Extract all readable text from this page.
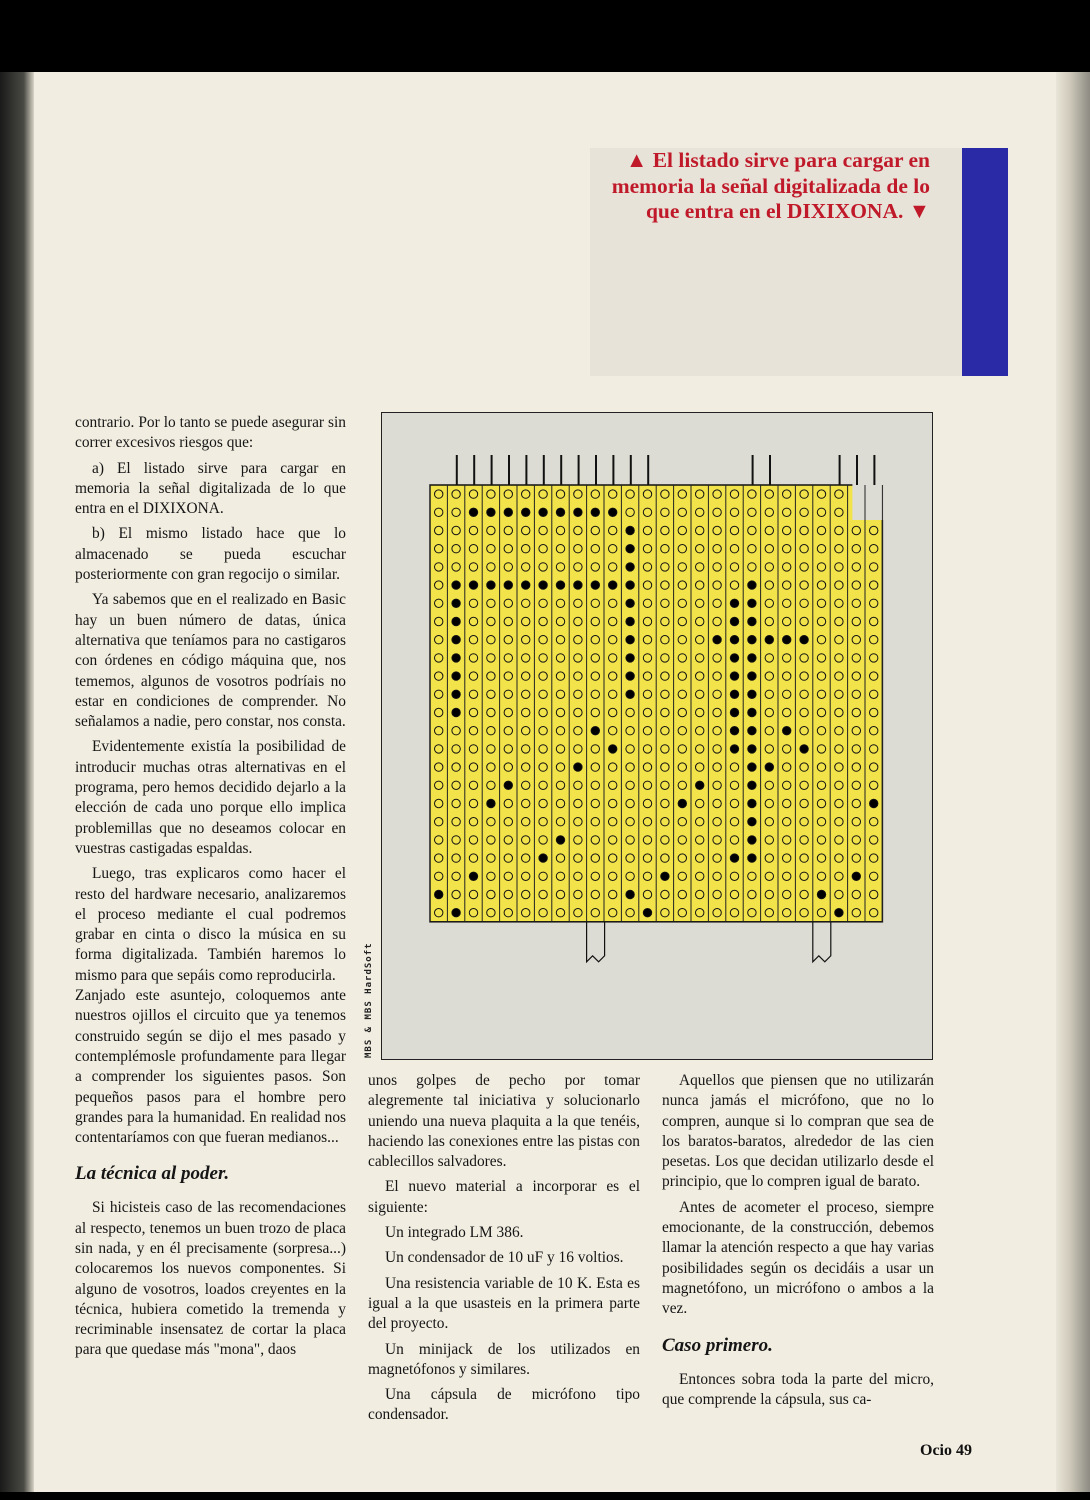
▲ El listado sirve para cargar en memoria la señal digitalizada de lo que entra en el DIXIXONA. ▼
MBS & MBS HardSoft

contrario. Por lo tanto se puede asegurar sin correr excesivos riesgos que:

a) El listado sirve para cargar en memoria la señal digitalizada de lo que entra en el DIXIXONA.

b) El mismo listado hace que lo almacenado se pueda escuchar posteriormente con gran regocijo o similar.

Ya sabemos que en el realizado en Basic hay un buen número de datas, única alternativa que teníamos para no castigaros con órdenes en código máquina que, nos tememos, algunos de vosotros podríais no estar en condiciones de comprender. No señalamos a nadie, pero constar, nos consta.

Evidentemente existía la posibilidad de introducir muchas otras alternativas en el programa, pero hemos decidido dejarlo a la elección de cada uno porque ello implica problemillas que no deseamos colocar en vuestras castigadas espaldas.

Luego, tras explicaros como hacer el resto del hardware necesario, analizaremos el proceso mediante el cual podremos grabar en cinta o disco la música en su forma digitalizada. También haremos lo mismo para que sepáis como reproducirla.

Zanjado este asuntejo, coloquemos ante nuestros ojillos el circuito que ya tenemos construido según se dijo el mes pasado y contemplémosle profundamente para llegar a comprender los siguientes pasos. Son pequeños pasos para el hombre pero grandes para la humanidad. En realidad nos contentaríamos con que fueran medianos...

La técnica al poder.

Si hicisteis caso de las recomendaciones al respecto, tenemos un buen trozo de placa sin nada, y en él precisamente (sorpresa...) colocaremos los nuevos componentes. Si alguno de vosotros, loados creyentes en la técnica, hubiera cometido la tremenda y recriminable insensatez de cortar la placa para que quedase más "mona", daos

unos golpes de pecho por tomar alegremente tal iniciativa y solucionarlo uniendo una nueva plaquita a la que tenéis, haciendo las conexiones entre las pistas con cablecillos salvadores.

El nuevo material a incorporar es el siguiente:

Un integrado LM 386.

Un condensador de 10 uF y 16 voltios.

Una resistencia variable de 10 K. Esta es igual a la que usasteis en la primera parte del proyecto.

Un minijack de los utilizados en magnetófonos y similares.

Una cápsula de micrófono tipo condensador.

Aquellos que piensen que no utilizarán nunca jamás el micrófono, que no lo compren, aunque si lo compran que sea de los baratos-baratos, alrededor de las cien pesetas. Los que decidan utilizarlo desde el principio, que lo compren igual de barato.

Antes de acometer el proceso, siempre emocionante, de la construcción, debemos llamar la atención respecto a que hay varias posibilidades según os decidáis a usar un magnetófono, un micrófono o ambos a la vez.

Caso primero.

Entonces sobra toda la parte del micro, que comprende la cápsula, sus ca-

Ocio 49
